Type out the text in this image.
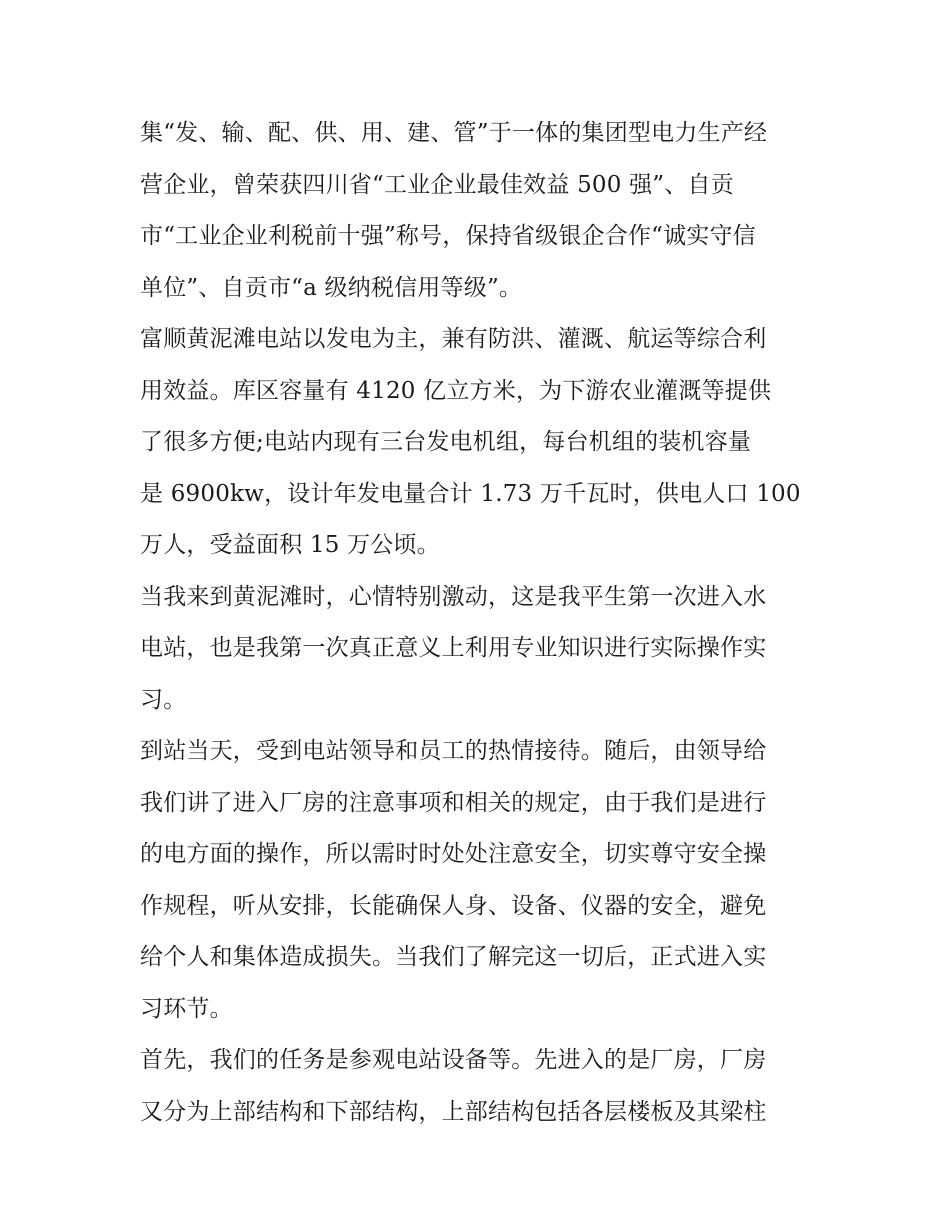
集“发、输、配、供、用、建、管”于一体的集团型电力生产经
营企业，曾荣获四川省“工业企业最佳效益 500 强”、自贡
市“工业企业利税前十强”称号，保持省级银企合作“诚实守信
单位”、自贡市“a 级纳税信用等级”。
富顺黄泥滩电站以发电为主，兼有防洪、灌溉、航运等综合利
用效益。库区容量有 4120 亿立方米，为下游农业灌溉等提供
了很多方便;电站内现有三台发电机组，每台机组的装机容量
是 6900kw，设计年发电量合计 1.73 万千瓦时，供电人口 100
万人，受益面积 15 万公顷。
当我来到黄泥滩时，心情特别激动，这是我平生第一次进入水
电站，也是我第一次真正意义上利用专业知识进行实际操作实
习。
到站当天，受到电站领导和员工的热情接待。随后，由领导给
我们讲了进入厂房的注意事项和相关的规定，由于我们是进行
的电方面的操作，所以需时时处处注意安全，切实尊守安全操
作规程，听从安排，长能确保人身、设备、仪器的安全，避免
给个人和集体造成损失。当我们了解完这一切后，正式进入实
习环节。
首先，我们的任务是参观电站设备等。先进入的是厂房，厂房
又分为上部结构和下部结构，上部结构包括各层楼板及其梁柱
